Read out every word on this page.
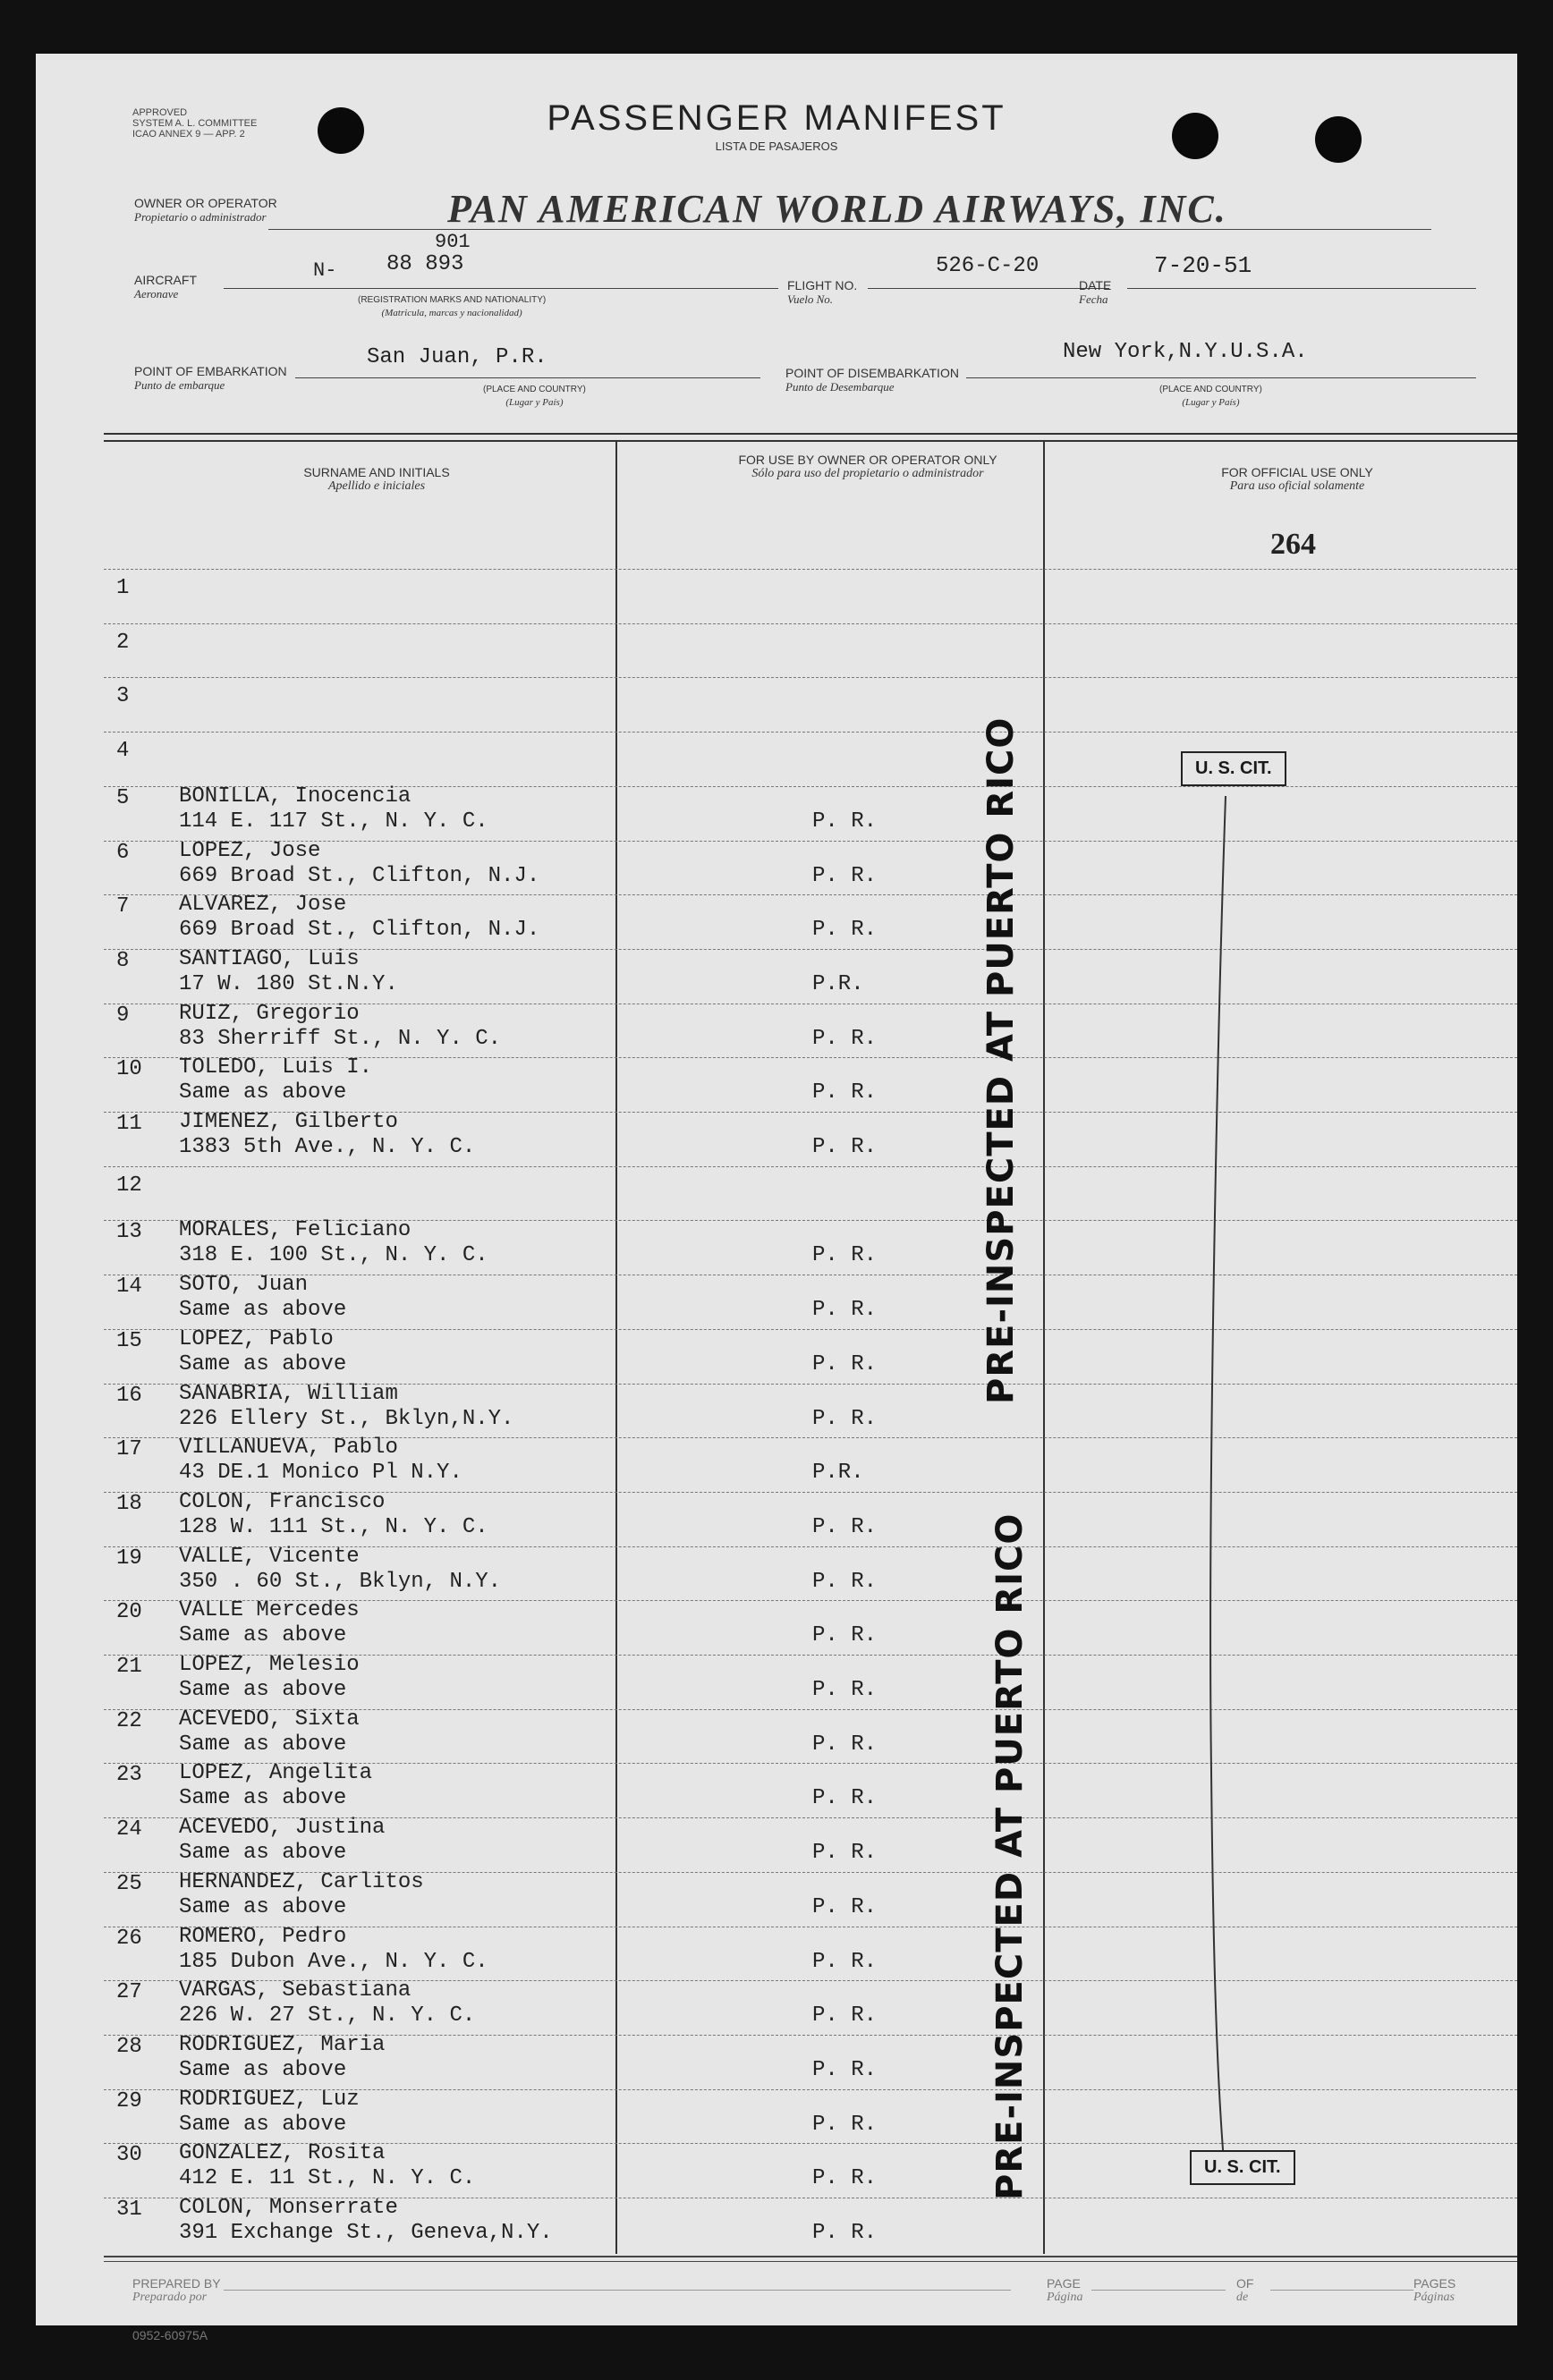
APPROVED
SYSTEM A. L. COMMITTEE
ICAO ANNEX 9 — APP. 2	PASSENGER MANIFEST
LISTA DE PASAJEROS
OWNER OR OPERATOR
Propietario o administrador	PAN AMERICAN WORLD AIRWAYS, INC.
AIRCRAFT
Aeronave
N-
901
88 893
(REGISTRATION MARKS AND NATIONALITY)
(Matricula, marcas y nacionalidad)
FLIGHT NO.
Vuelo No.
526-C-20
DATE
Fecha
7-20-51
POINT OF EMBARKATION
Punto de embarque
San Juan, P.R.
(PLACE AND COUNTRY)
(Lugar y País)
POINT OF DISEMBARKATION
Punto de Desembarque
New York,N.Y.U.S.A.
(PLACE AND COUNTRY)
(Lugar y País)
SURNAME AND INITIALS
Apellido e iniciales
FOR USE BY OWNER OR OPERATOR ONLY
Sólo para uso del propietario o administrador	FOR OFFICIAL USE ONLY
Para uso oficial solamente
1
2
3
4
5 BONILLA, Inocencia
114 E. 117 St., N. Y. C.	P. R.
6 LOPEZ, Jose
669 Broad St., Clifton, N.J.	P. R.
7 ALVAREZ, Jose
669 Broad St., Clifton, N.J.	P. R.
8 SANTIAGO, Luis
17 W. 180 St.N.Y.	P.R.
9 RUIZ, Gregorio
83 Sherriff St., N. Y. C.	P. R.
10 TOLEDO, Luis I.
Same as above	P. R.
11 JIMENEZ, Gilberto
1383 5th Ave., N. Y. C.	P. R.
12
13 MORALES, Feliciano
318 E. 100 St., N. Y. C.	P. R.
14 SOTO, Juan
Same as above	P. R.
15 LOPEZ, Pablo
Same as above	P. R.
16 SANABRIA, William
226 Ellery St., Bklyn,N.Y.	P. R.
17 VILLANUEVA, Pablo
43 DE.1 Monico Pl N.Y.	P.R.
18 COLON, Francisco
128 W. 111 St., N. Y. C.	P. R.
19 VALLE, Vicente
350 . 60 St., Bklyn, N.Y.	P. R.
20 VALLE Mercedes
Same as above	P. R.
21 LOPEZ, Melesio
Same as above	P. R.
22 ACEVEDO, Sixta
Same as above	P. R.
23 LOPEZ, Angelita
Same as above	P. R.
24 ACEVEDO, Justina
Same as above	P. R.
25 HERNANDEZ, Carlitos
Same as above	P. R.
26 ROMERO, Pedro
185 Dubon Ave., N. Y. C.	P. R.
27 VARGAS, Sebastiana
226 W. 27 St., N. Y. C.	P. R.
28 RODRIGUEZ, Maria
Same as above	P. R.
29 RODRIGUEZ, Luz
Same as above	P. R.
30 GONZALEZ, Rosita
412 E. 11 St., N. Y. C.	P. R.
31 COLON, Monserrate
391 Exchange St., Geneva,N.Y.	P. R.
264
U. S. CIT.
U. S. CIT.
PRE-INSPECTED AT PUERTO RICO
PRE-INSPECTED AT PUERTO RICO
PREPARED BY
Preparado por
PAGE
Página
OF
de
PAGES
Páginas
0952-60975A
